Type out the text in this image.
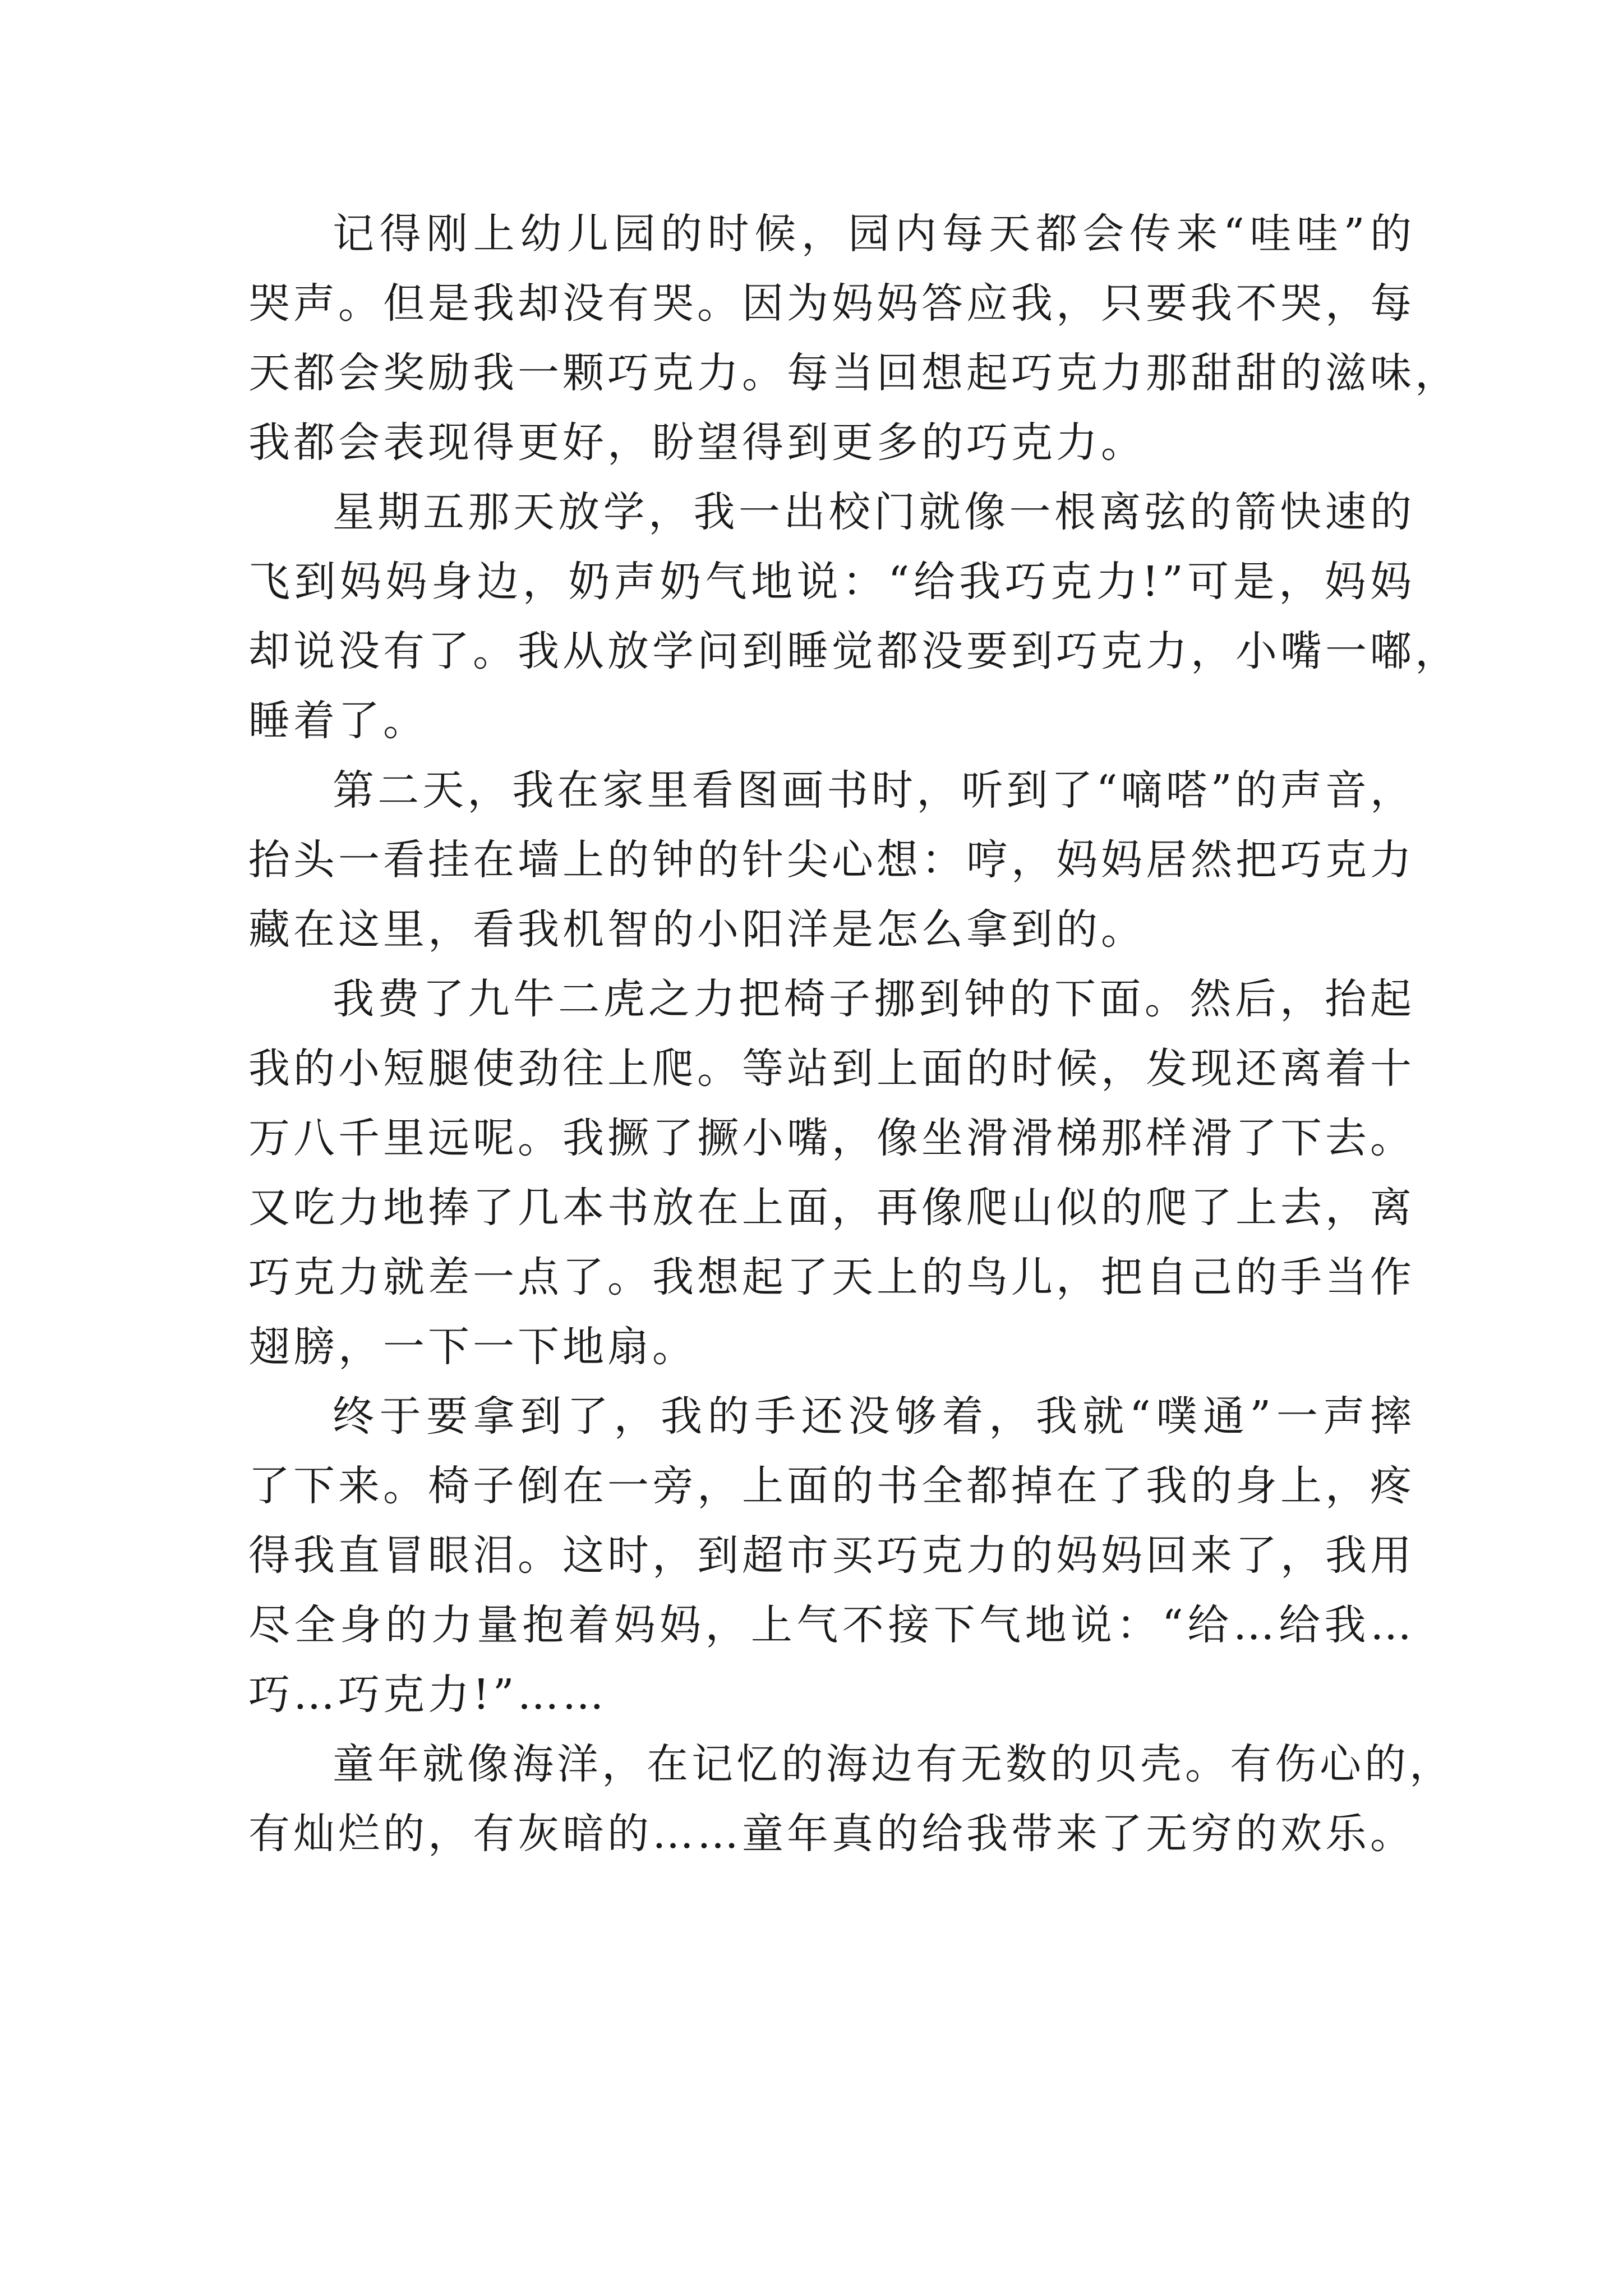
记得刚上幼儿园的时候，园内每天都会传来“哇哇”的
哭声。但是我却没有哭。因为妈妈答应我，只要我不哭，每
天都会奖励我一颗巧克力。每当回想起巧克力那甜甜的滋味，
我都会表现得更好，盼望得到更多的巧克力。
星期五那天放学，我一出校门就像一根离弦的箭快速的
飞到妈妈身边，奶声奶气地说：“给我巧克力!”可是，妈妈
却说没有了。我从放学问到睡觉都没要到巧克力，小嘴一嘟，
睡着了。
第二天，我在家里看图画书时，听到了“嘀嗒”的声音，
抬头一看挂在墙上的钟的针尖心想：哼，妈妈居然把巧克力
藏在这里，看我机智的小阳洋是怎么拿到的。
我费了九牛二虎之力把椅子挪到钟的下面。然后，抬起
我的小短腿使劲往上爬。等站到上面的时候，发现还离着十
万八千里远呢。我撅了撅小嘴，像坐滑滑梯那样滑了下去。
又吃力地捧了几本书放在上面，再像爬山似的爬了上去，离
巧克力就差一点了。我想起了天上的鸟儿，把自己的手当作
翅膀，一下一下地扇。
终于要拿到了，我的手还没够着，我就“噗通”一声摔
了下来。椅子倒在一旁，上面的书全都掉在了我的身上，疼
得我直冒眼泪。这时，到超市买巧克力的妈妈回来了，我用
尽全身的力量抱着妈妈，上气不接下气地说：“给…给我…
巧…巧克力!”……
童年就像海洋，在记忆的海边有无数的贝壳。有伤心的，
有灿烂的，有灰暗的……童年真的给我带来了无穷的欢乐。
